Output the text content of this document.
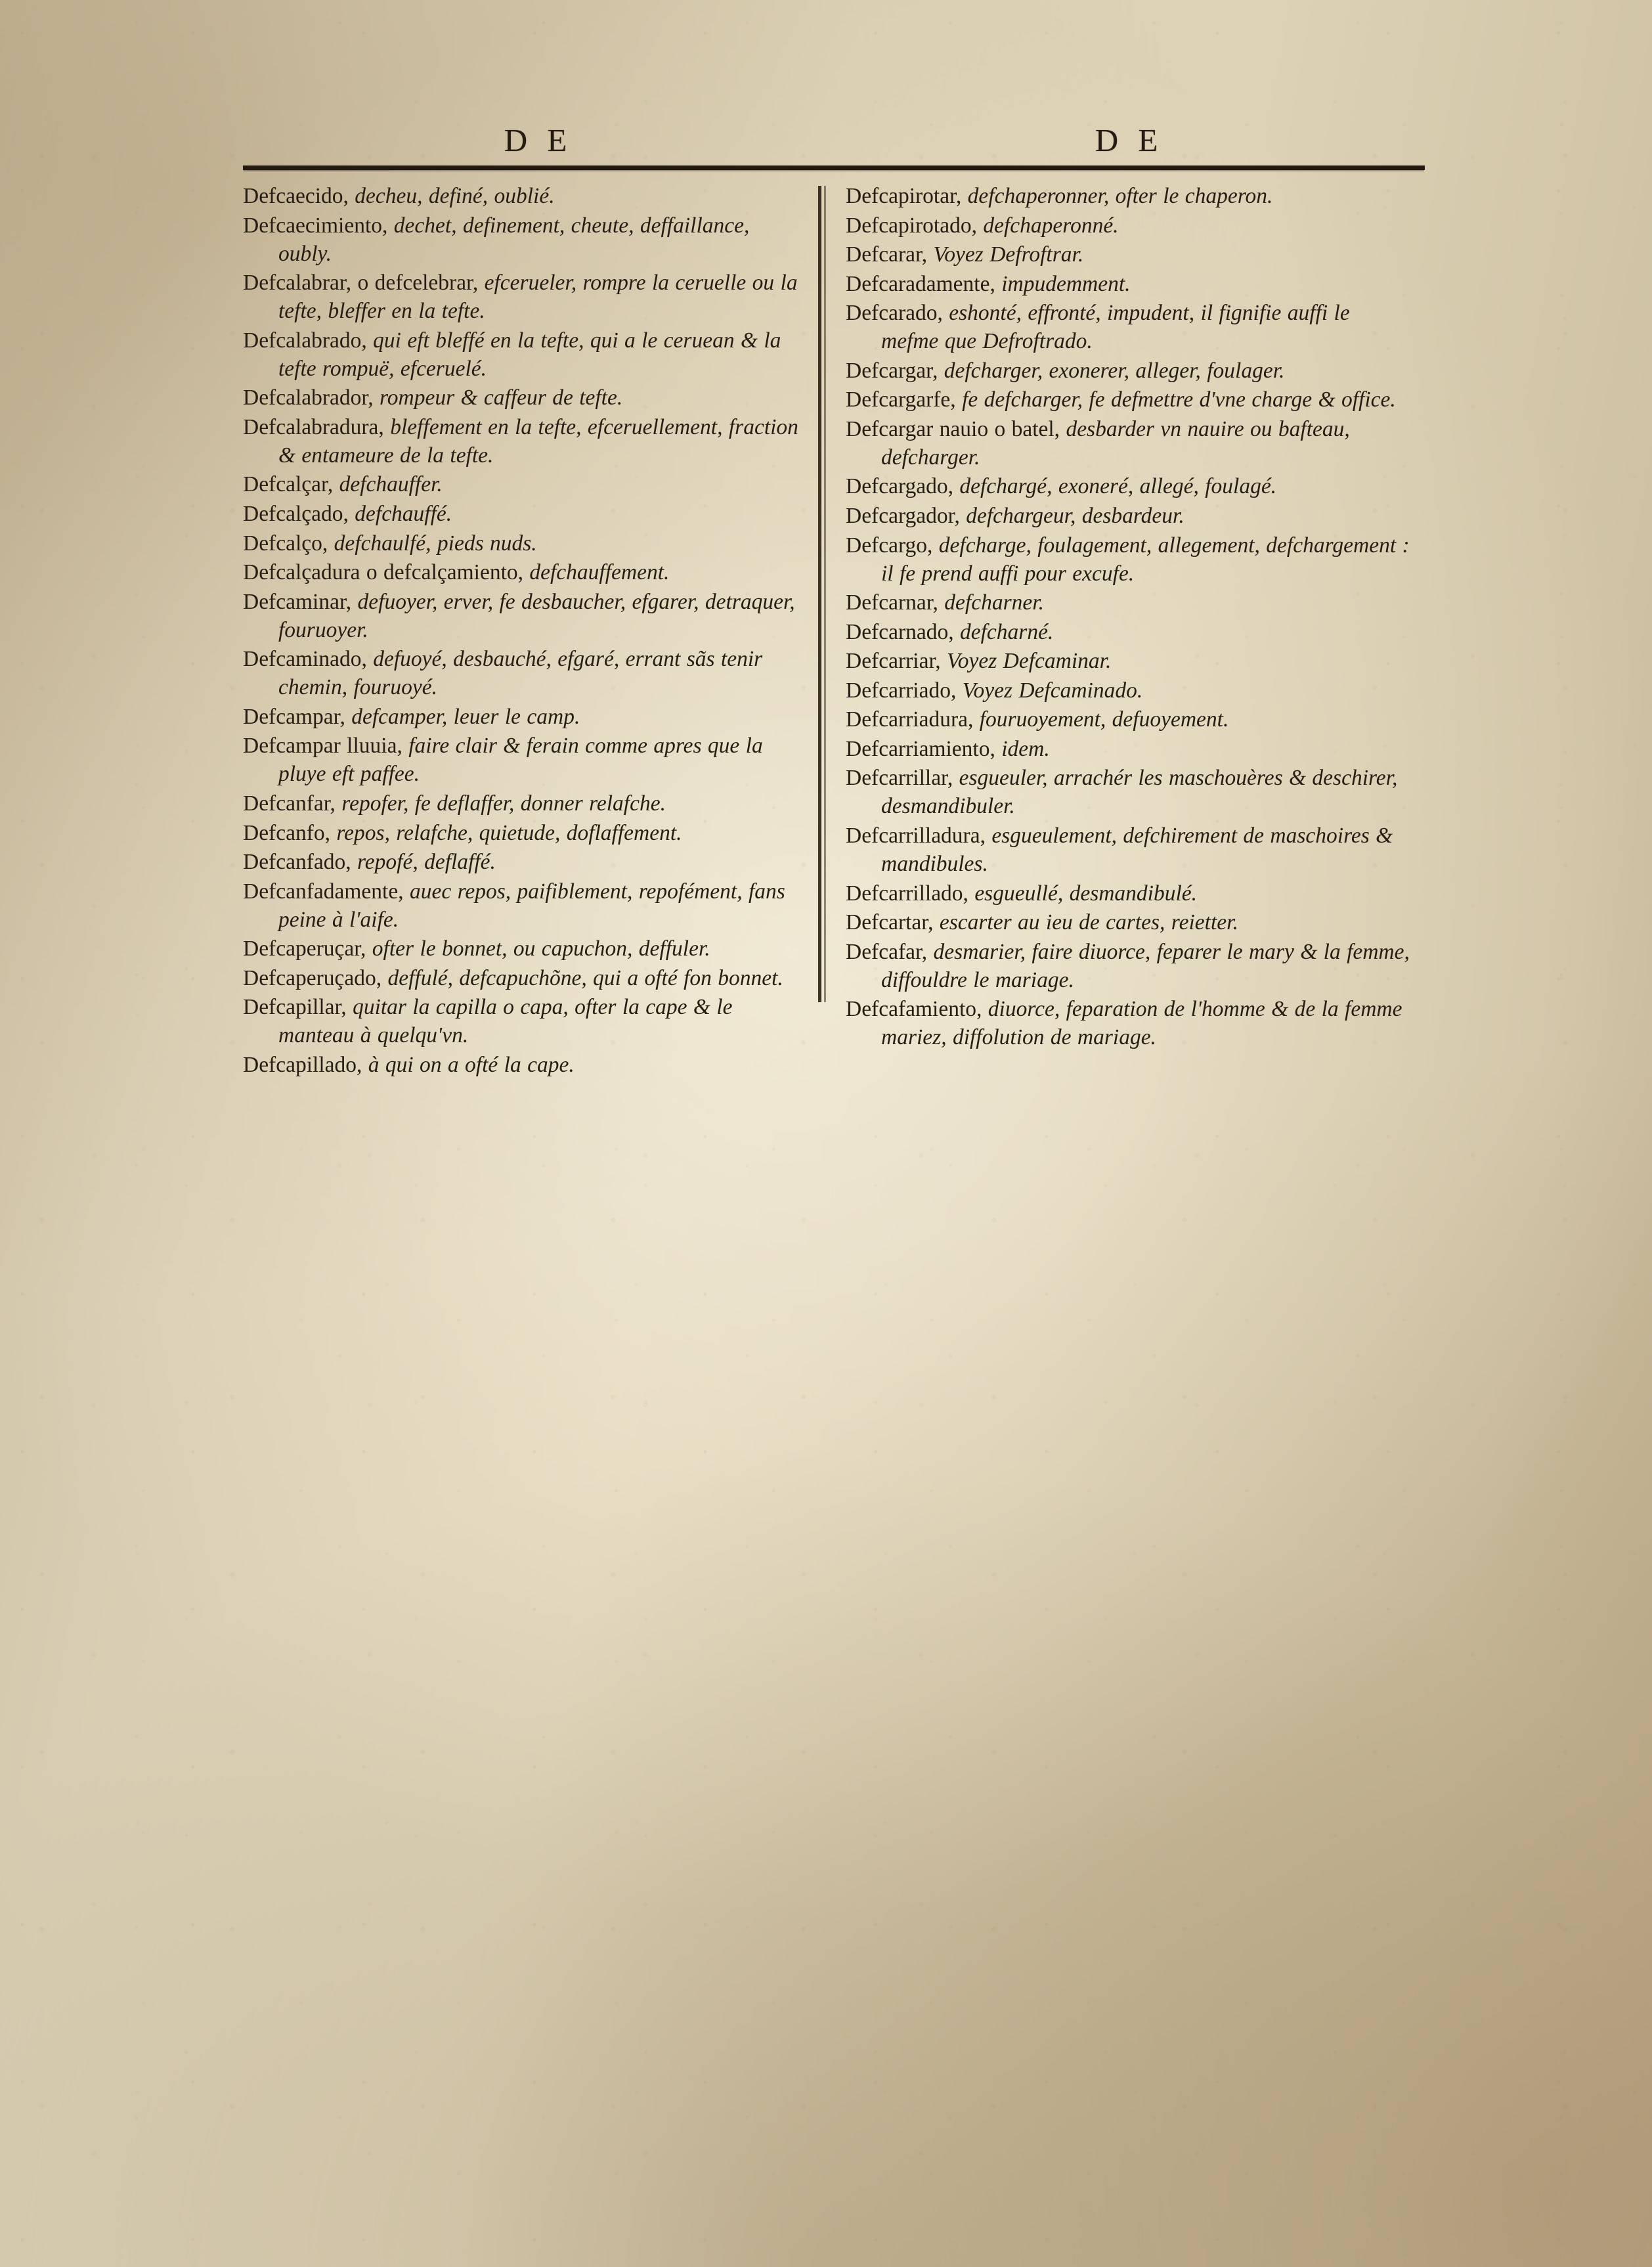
D E	D E

Defcaecido, decheu, definé, oublié.

Defcaecimiento, dechet, definement, cheute, deffaillance, oubly.

Defcalabrar, o defcelebrar, efcerueler, rompre la ceruelle ou la tefte, bleffer en la tefte.

Defcalabrado, qui eft bleffé en la tefte, qui a le ceruean & la tefte rompuë, efceruelé.

Defcalabrador, rompeur & caffeur de tefte.

Defcalabradura, bleffement en la tefte, efceruellement, fraction & entameure de la tefte.

Defcalçar, defchauffer.

Defcalçado, defchauffé.

Defcalço, defchaulfé, pieds nuds.

Defcalçadura o defcalçamiento, defchauffement.

Defcaminar, defuoyer, erver, fe desbaucher, efgarer, detraquer, fouruoyer.

Defcaminado, defuoyé, desbauché, efgaré, errant sãs tenir chemin, fouruoyé.

Defcampar, defcamper, leuer le camp.

Defcampar lluuia, faire clair & ferain comme apres que la pluye eft paffee.

Defcanfar, repofer, fe deflaffer, donner relafche.

Defcanfo, repos, relafche, quietude, doflaffement.

Defcanfado, repofé, deflaffé.

Defcanfadamente, auec repos, paifiblement, repofément, fans peine à l'aife.

Defcaperuçar, ofter le bonnet, ou capuchon, deffuler.

Defcaperuçado, deffulé, defcapuchõne, qui a ofté fon bonnet.

Defcapillar, quitar la capilla o capa, ofter la cape & le manteau à quelqu'vn.

Defcapillado, à qui on a ofté la cape.

Defcapirotar, defchaperonner, ofter le chaperon.

Defcapirotado, defchaperonné.

Defcarar, Voyez Defroftrar.

Defcaradamente, impudemment.

Defcarado, eshonté, effronté, impudent, il fignifie auffi le mefme que Defroftrado.

Defcargar, defcharger, exonerer, alleger, foulager.

Defcargarfe, fe defcharger, fe defmettre d'vne charge & office.

Defcargar nauio o batel, desbarder vn nauire ou bafteau, defcharger.

Defcargado, defchargé, exoneré, allegé, foulagé.

Defcargador, defchargeur, desbardeur.

Defcargo, defcharge, foulagement, allegement, defchargement : il fe prend auffi pour excufe.

Defcarnar, defcharner.

Defcarnado, defcharné.

Defcarriar, Voyez Defcaminar.

Defcarriado, Voyez Defcaminado.

Defcarriadura, fouruoyement, defuoyement.

Defcarriamiento, idem.

Defcarrillar, esgueuler, arrachér les maschouères & deschirer, desmandibuler.

Defcarrilladura, esgueulement, defchirement de maschoires & mandibules.

Defcarrillado, esgueullé, desmandibulé.

Defcartar, escarter au ieu de cartes, reietter.

Defcafar, desmarier, faire diuorce, feparer le mary & la femme, diffouldre le mariage.

Defcafamiento, diuorce, feparation de l'homme & de la femme mariez, diffolution de mariage.
